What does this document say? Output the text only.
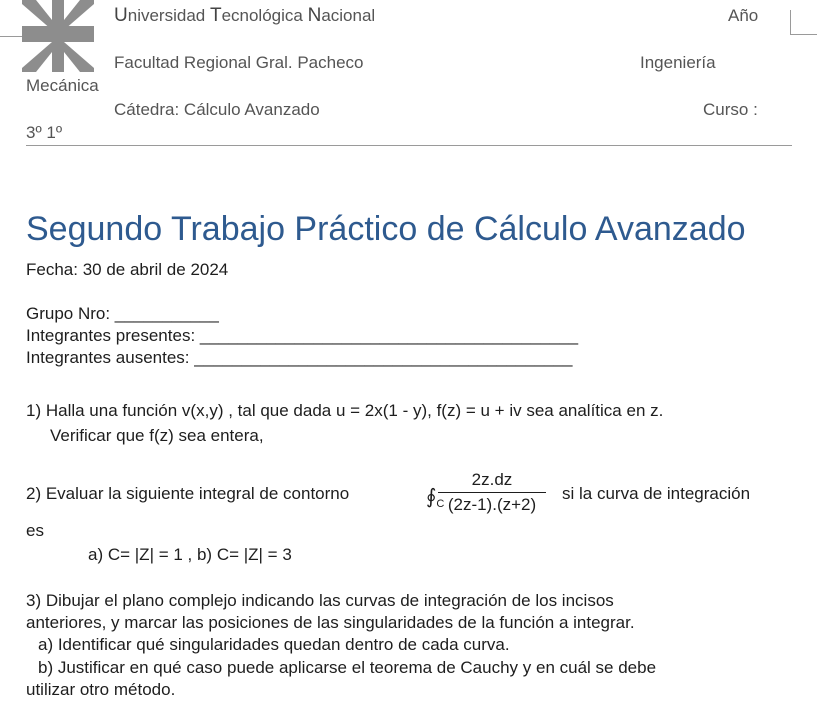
Universidad Tecnológica Nacional	Año
Facultad Regional Gral. Pacheco	Ingeniería
Mecánica
Cátedra: Cálculo Avanzado	Curso :
3º 1º
Segundo Trabajo Práctico de Cálculo Avanzado
Fecha: 30 de abril de 2024
Grupo Nro: ___________
Integrantes presentes: ________________________________________
Integrantes ausentes: ________________________________________
1) Halla una función v(x,y) , tal que dada u = 2x(1 - y), f(z) = u + iv sea analítica en z.
Verificar que f(z) sea entera,
2) Evaluar la siguiente integral de contorno	$∮_C$
2z.dz
(2z-1).(z+2)
si la curva de integración
es
a) C= |Z| = 1 , b) C= |Z| = 3
3) Dibujar el plano complejo indicando las curvas de integración de los incisos
anteriores, y marcar las posiciones de las singularidades de la función a integrar.
a) Identificar qué singularidades quedan dentro de cada curva.
b) Justificar en qué caso puede aplicarse el teorema de Cauchy y en cuál se debe
utilizar otro método.
